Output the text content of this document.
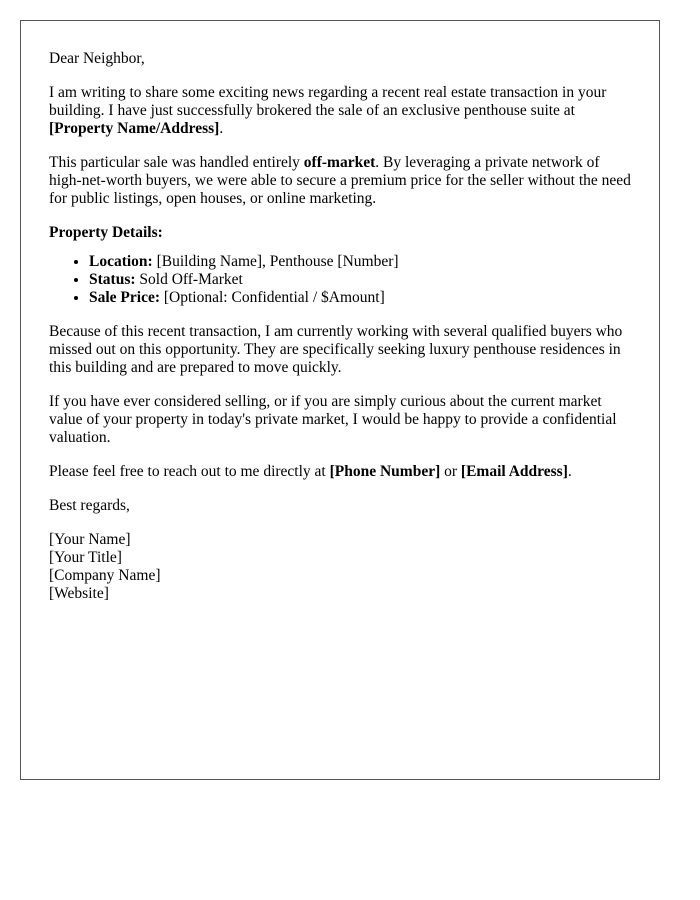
Dear Neighbor,

I am writing to share some exciting news regarding a recent real estate transaction in your building. I have just successfully brokered the sale of an exclusive penthouse suite at [Property Name/Address].

This particular sale was handled entirely off-market. By leveraging a private network of high-net-worth buyers, we were able to secure a premium price for the seller without the need for public listings, open houses, or online marketing.

Property Details:

• Location: [Building Name], Penthouse [Number]
• Status: Sold Off-Market
• Sale Price: [Optional: Confidential / $Amount]

Because of this recent transaction, I am currently working with several qualified buyers who missed out on this opportunity. They are specifically seeking luxury penthouse residences in this building and are prepared to move quickly.

If you have ever considered selling, or if you are simply curious about the current market value of your property in today's private market, I would be happy to provide a confidential valuation.

Please feel free to reach out to me directly at [Phone Number] or [Email Address].

Best regards,

[Your Name]
[Your Title]
[Company Name]
[Website]
